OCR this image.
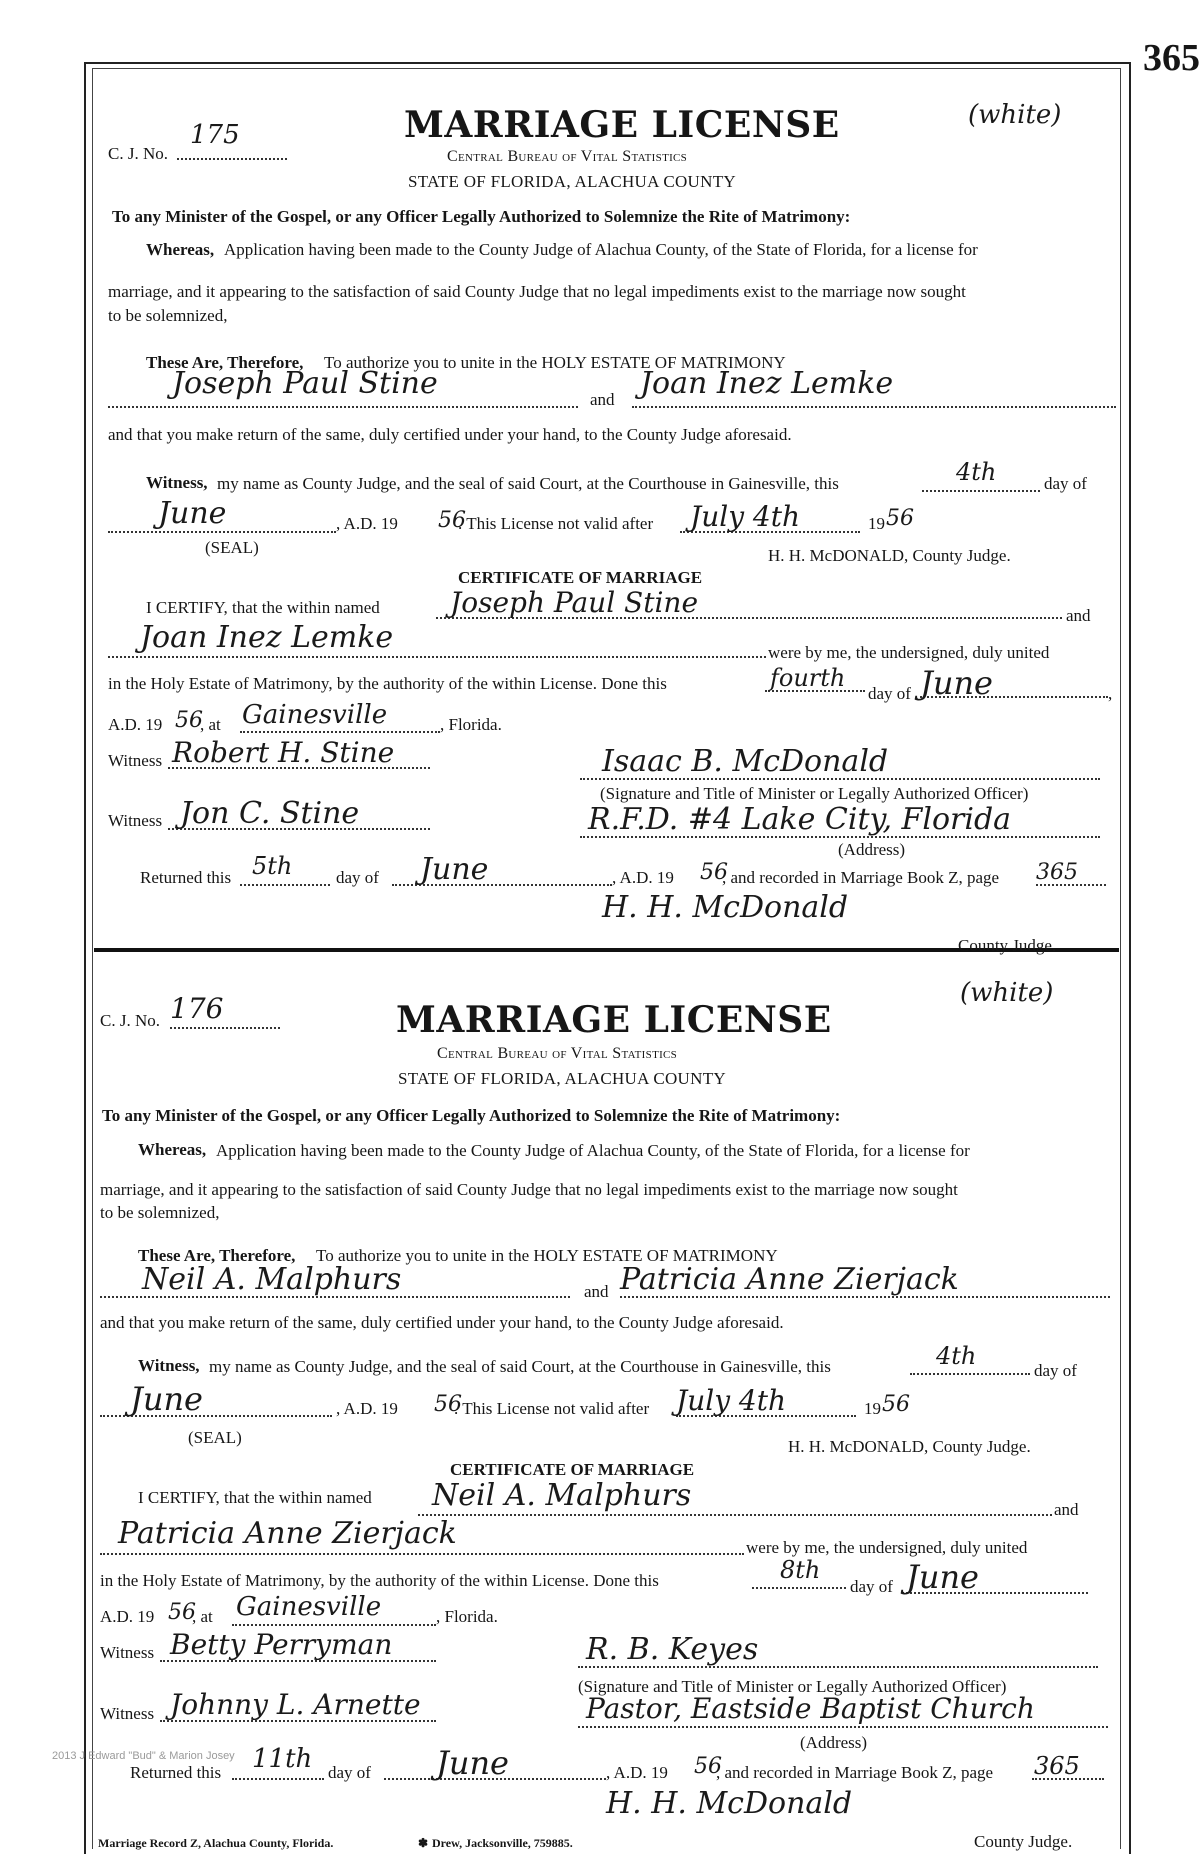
365
C. J. No.
175	MARRIAGE LICENSE	(white)
Central Bureau of Vital Statistics
STATE OF FLORIDA, ALACHUA COUNTY
To any Minister of the Gospel, or any Officer Legally Authorized to Solemnize the Rite of Matrimony:
Whereas, Application having been made to the County Judge of Alachua County, of the State of Florida, for a license for
marriage, and it appearing to the satisfaction of said County Judge that no legal impediments exist to the marriage now sought
to be solemnized,
These Are, Therefore, To authorize you to unite in the HOLY ESTATE OF MATRIMONY
Joseph Paul Stine	and Joan Inez Lemke
and that you make return of the same, duly certified under your hand, to the County Judge aforesaid.
Witness, my name as County Judge, and the seal of said Court, at the Courthouse in Gainesville, this	4th	day of
June	, A.D. 19 56
. This License not valid after July 4th	19 56
(SEAL)	H. H. McDONALD, County Judge.
CERTIFICATE OF MARRIAGE
I CERTIFY, that the within named	Joseph Paul Stine	and
Joan Inez Lemke	were by me, the undersigned, duly united
in the Holy Estate of Matrimony, by the authority of the within License. Done this	fourth
day of June	,
A.D. 19 56
, at Gainesville	, Florida.
Witness Robert H. Stine	Isaac B. McDonald
(Signature and Title of Minister or Legally Authorized Officer)
Witness Jon C. Stine	R.F.D. #4 Lake City, Florida
(Address)
Returned this 5th	day of June	, A.D. 19 56
, and recorded in Marriage Book Z, page 365
H. H. McDonald
County Judge.
C. J. No. 176	MARRIAGE LICENSE
(white)
Central Bureau of Vital Statistics
STATE OF FLORIDA, ALACHUA COUNTY
To any Minister of the Gospel, or any Officer Legally Authorized to Solemnize the Rite of Matrimony:
Whereas, Application having been made to the County Judge of Alachua County, of the State of Florida, for a license for
marriage, and it appearing to the satisfaction of said County Judge that no legal impediments exist to the marriage now sought
to be solemnized,
These Are, Therefore, To authorize you to unite in the HOLY ESTATE OF MATRIMONY
Neil A. Malphurs	and Patricia Anne Zierjack
and that you make return of the same, duly certified under your hand, to the County Judge aforesaid.
Witness, my name as County Judge, and the seal of said Court, at the Courthouse in Gainesville, this	4th
day of
June	, A.D. 19 56
. This License not valid after July 4th	19 56
(SEAL)	H. H. McDONALD, County Judge.
CERTIFICATE OF MARRIAGE
I CERTIFY, that the within named Neil A. Malphurs	and
Patricia Anne Zierjack	were by me, the undersigned, duly united
in the Holy Estate of Matrimony, by the authority of the within License. Done this	8th
day of June
A.D. 19 56
, at Gainesville	, Florida.
Witness Betty Perryman	R. B. Keyes
(Signature and Title of Minister or Legally Authorized Officer)
Witness Johnny L. Arnette	Pastor, Eastside Baptist Church
(Address)
2013 J Edward "Bud" & Marion Josey
Returned this 11th day of June	, A.D. 19 56
, and recorded in Marriage Book Z, page 365
H. H. McDonald
County Judge.
Marriage Record Z, Alachua County, Florida.	✽ Drew, Jacksonville, 759885.
